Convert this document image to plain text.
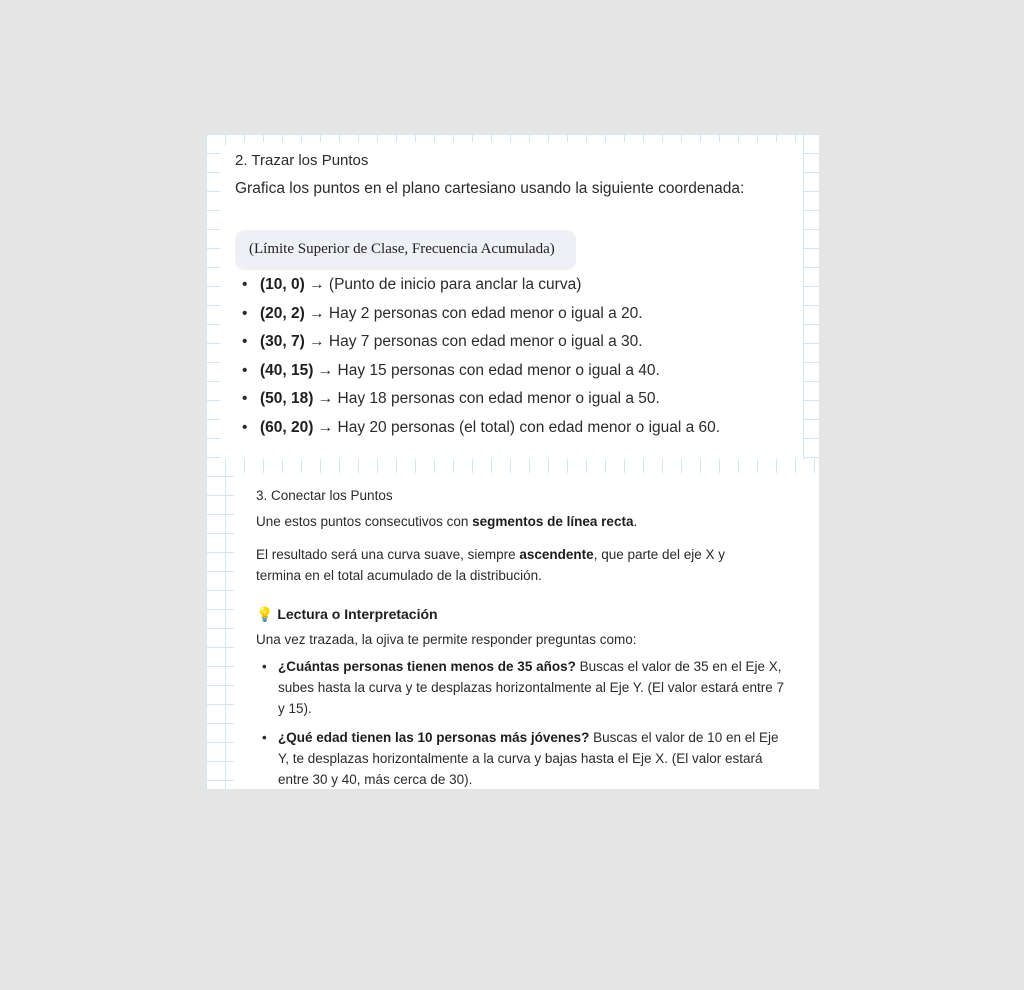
2. Trazar los Puntos
Grafica los puntos en el plano cartesiano usando la siguiente coordenada:
(Límite Superior de Clase, Frecuencia Acumulada)
• (10, 0) → (Punto de inicio para anclar la curva)
• (20, 2) → Hay 2 personas con edad menor o igual a 20.
• (30, 7) → Hay 7 personas con edad menor o igual a 30.
• (40, 15) → Hay 15 personas con edad menor o igual a 40.
• (50, 18) → Hay 18 personas con edad menor o igual a 50.
• (60, 20) → Hay 20 personas (el total) con edad menor o igual a 60.
3. Conectar los Puntos
Une estos puntos consecutivos con segmentos de línea recta.
El resultado será una curva suave, siempre ascendente, que parte del eje X y termina en el total acumulado de la distribución.
💡 Lectura o Interpretación
Una vez trazada, la ojiva te permite responder preguntas como:
• ¿Cuántas personas tienen menos de 35 años? Buscas el valor de 35 en el Eje X, subes hasta la curva y te desplazas horizontalmente al Eje Y. (El valor estará entre 7 y 15).
• ¿Qué edad tienen las 10 personas más jóvenes? Buscas el valor de 10 en el Eje Y, te desplazas horizontalmente a la curva y bajas hasta el Eje X. (El valor estará entre 30 y 40, más cerca de 30).
